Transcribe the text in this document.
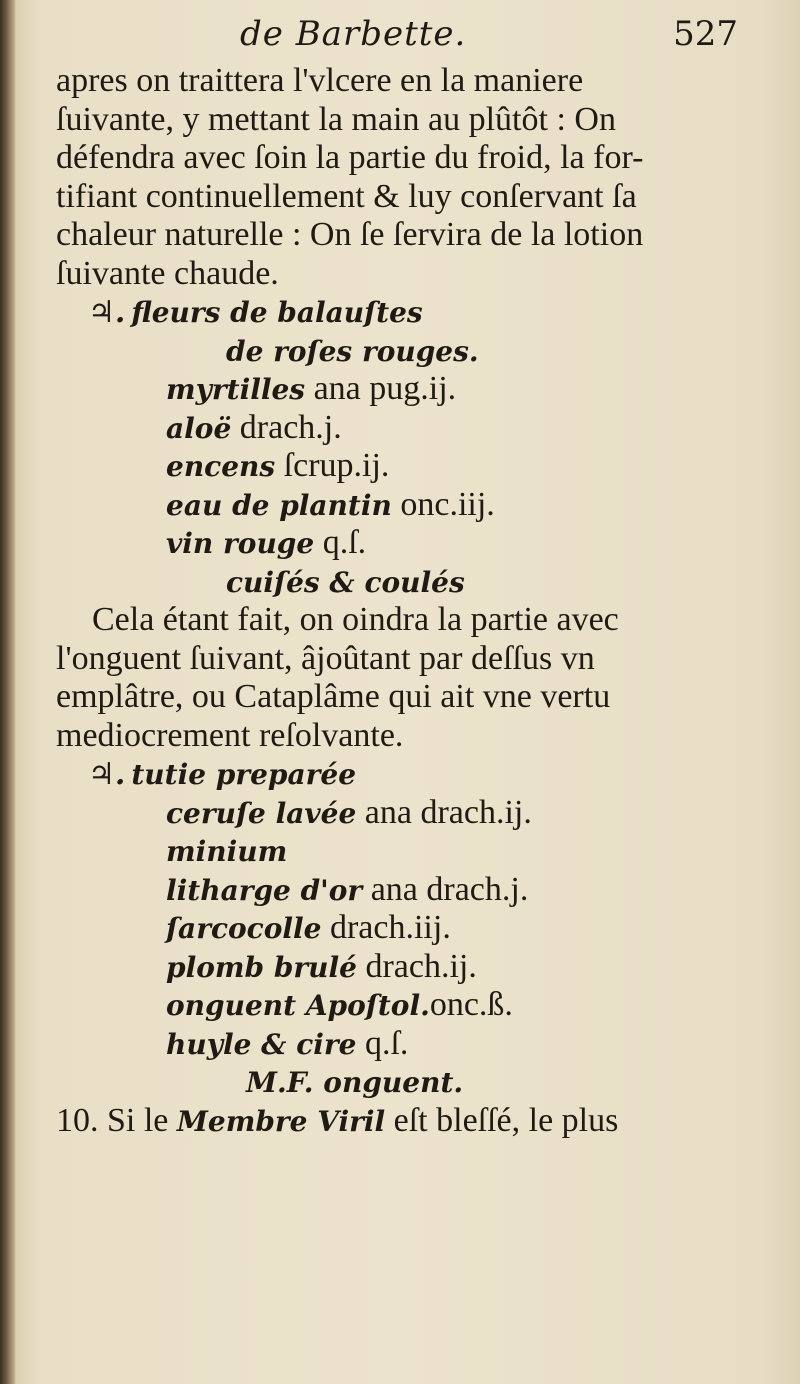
de Barbette.	527
apres on traittera l'vlcere en la maniere
ſuivante, y mettant la main au plûtôt : On
défendra avec ſoin la partie du froid, la for-
tifiant continuellement & luy conſervant ſa
chaleur naturelle : On ſe ſervira de la lotion
ſuivante chaude.
♃. fleurs de balauſtes
de roſes rouges.
myrtilles ana pug.ij.
aloë drach.j.
encens ſcrup.ij.
eau de plantin onc.iij.
vin rouge q.ſ.
cuiſés & coulés
Cela étant fait, on oindra la partie avec
l'onguent ſuivant, âjoûtant par deſſus vn
emplâtre, ou Cataplâme qui ait vne vertu
mediocrement reſolvante.
♃. tutie preparée
ceruſe lavée ana drach.ij.
minium
litharge d'or ana drach.j.
ſarcocolle drach.iij.
plomb brulé drach.ij.
onguent Apoſtol.onc.ß.
huyle & cire q.ſ.
M.F. onguent.
10. Si le Membre Viril eſt bleſſé, le plus
